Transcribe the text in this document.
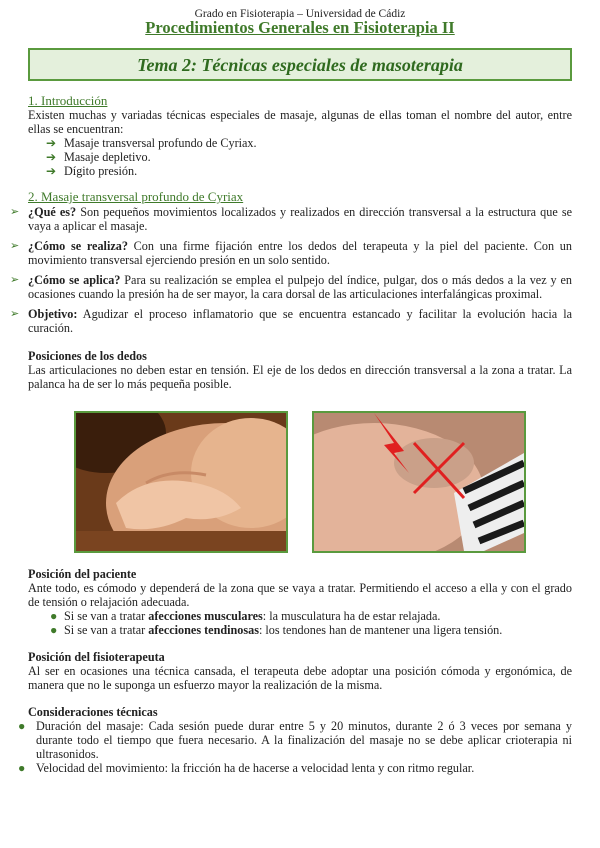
Grado en Fisioterapia – Universidad de Cádiz
Procedimientos Generales en Fisioterapia II
Tema 2: Técnicas especiales de masoterapia
1. Introducción

Existen muchas y variadas técnicas especiales de masaje, algunas de ellas toman el nombre del autor, entre ellas se encuentran:

➔ Masaje transversal profundo de Cyriax.
➔ Masaje depletivo.
➔ Dígito presión.
2. Masaje transversal profundo de Cyriax
➢ ¿Qué es? Son pequeños movimientos localizados y realizados en dirección transversal a la estructura que se vaya a aplicar el masaje.
➢ ¿Cómo se realiza? Con una firme fijación entre los dedos del terapeuta y la piel del paciente. Con un movimiento transversal ejerciendo presión en un solo sentido.
➢ ¿Cómo se aplica? Para su realización se emplea el pulpejo del índice, pulgar, dos o más dedos a la vez y en ocasiones cuando la presión ha de ser mayor, la cara dorsal de las articulaciones interfalángicas proximal.
➢ Objetivo: Agudizar el proceso inflamatorio que se encuentra estancado y facilitar la evolución hacia la curación.
Posiciones de los dedos

Las articulaciones no deben estar en tensión. El eje de los dedos en dirección transversal a la zona a tratar. La palanca ha de ser lo más pequeña posible.

Posición del paciente

Ante todo, es cómodo y dependerá de la zona que se vaya a tratar. Permitiendo el acceso a ella y con el grado de tensión o relajación adecuada.

● Si se van a tratar afecciones musculares: la musculatura ha de estar relajada.
● Si se van a tratar afecciones tendinosas: los tendones han de mantener una ligera tensión.
Posición del fisioterapeuta

Al ser en ocasiones una técnica cansada, el terapeuta debe adoptar una posición cómoda y ergonómica, de manera que no le suponga un esfuerzo mayor la realización de la misma.

Consideraciones técnicas
● Duración del masaje: Cada sesión puede durar entre 5 y 20 minutos, durante 2 ó 3 veces por semana y durante todo el tiempo que fuera necesario. A la finalización del masaje no se debe aplicar crioterapia ni ultrasonidos.
● Velocidad del movimiento: la fricción ha de hacerse a velocidad lenta y con ritmo regular.
